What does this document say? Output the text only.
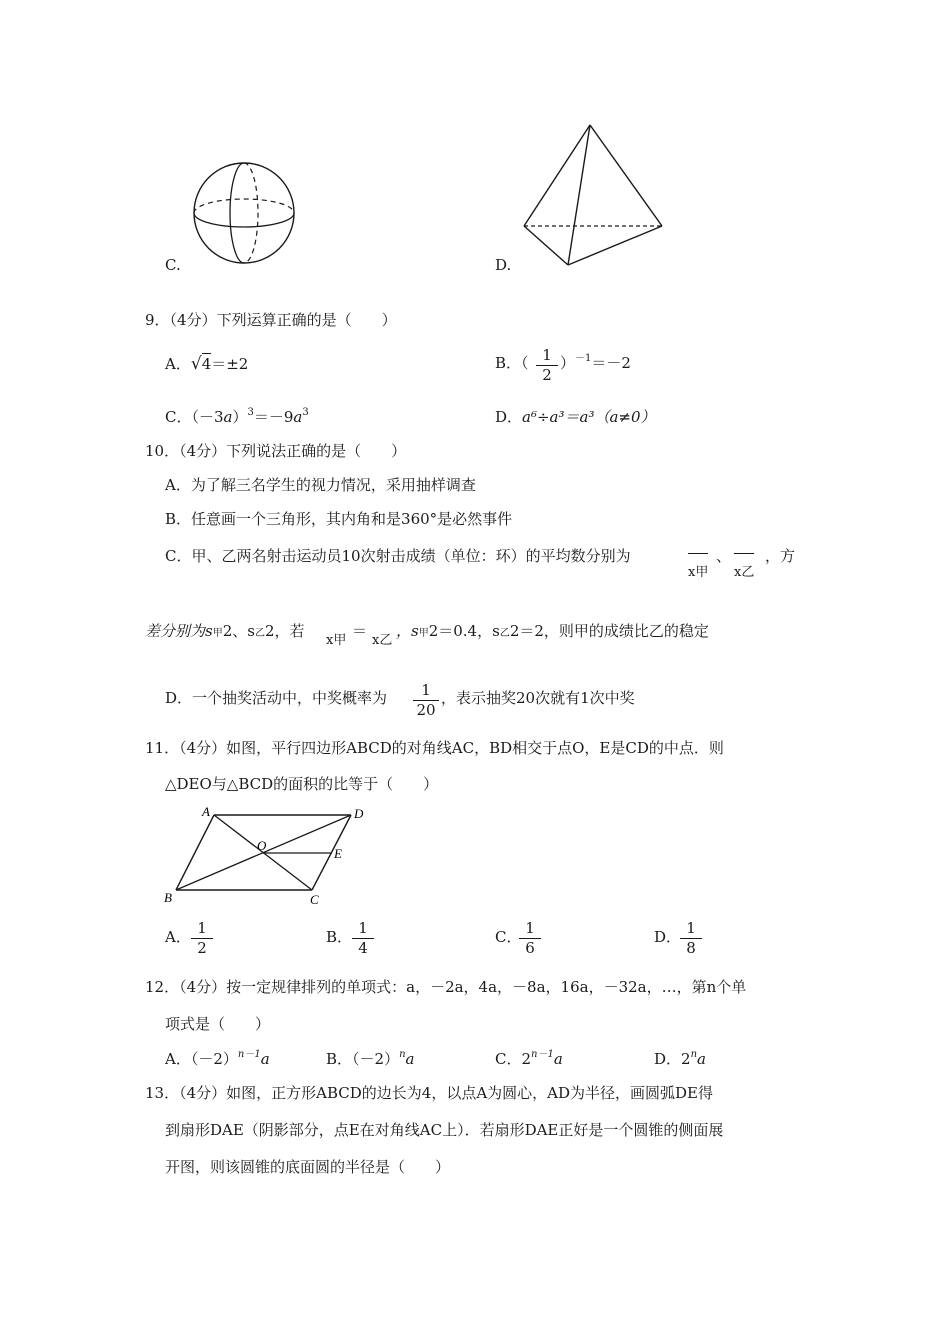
C.	D.
9．（4分）下列运算正确的是（　　）
A．√4＝±2	B．（ 1
2
）$^{-1}$＝－2
C．$(-3a)^3=-9a^3$	D．a⁶÷a³＝a³（a≠0）
10．（4分）下列说法正确的是（　　）
A．为了解三名学生的视力情况，采用抽样调查
B．任意画一个三角形，其内角和是360°是必然事件
C．甲、乙两名射击运动员10次射击成绩（单位：环）的平均数分别为
x甲
、
x乙
，方
差分别为s甲2、s乙2，若
x甲
＝
x乙
，s甲2＝0.4，s乙2＝2，则甲的成绩比乙的稳定
D．一个抽奖活动中，中奖概率为	1
20
，表示抽奖20次就有1次中奖
11．（4分）如图，平行四边形ABCD的对角线AC，BD相交于点O，E是CD的中点．则
△DEO与△BCD的面积的比等于（　　）
A	D
O
E
B	C
A． 1
2
B． 1
4
C． 1
6
D． 1
8
12．（4分）按一定规律排列的单项式：a，－2a，4a，－8a，16a，－32a，…，第n个单
项式是（　　）
A．$(-2)^{n-1}a$	B．$(-2)^na$	C．$2^{n-1}a$	D．2$^n$a
13．（4分）如图，正方形ABCD的边长为4，以点A为圆心，AD为半径，画圆弧DE得
到扇形DAE（阴影部分，点E在对角线AC上）．若扇形DAE正好是一个圆锥的侧面展
开图，则该圆锥的底面圆的半径是（　　）
